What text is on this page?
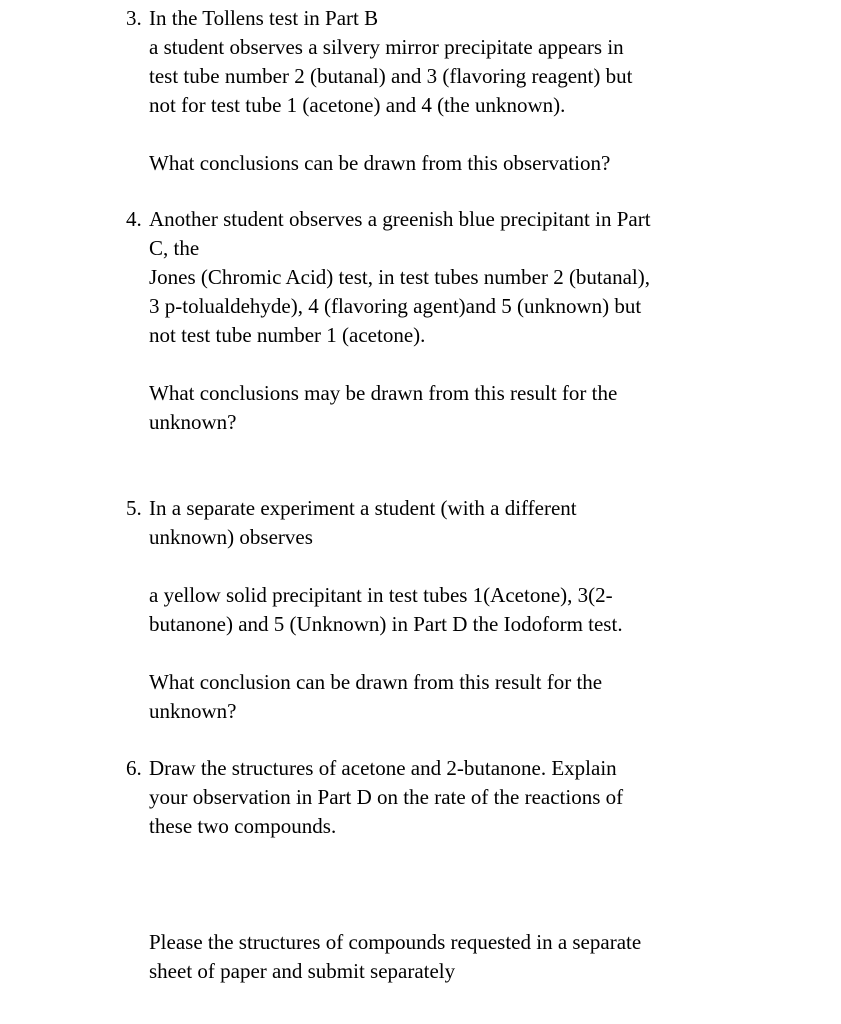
3. In the Tollens test in Part B
a student observes a silvery mirror precipitate appears in
test tube number 2 (butanal) and 3 (flavoring reagent) but
not for test tube 1 (acetone) and 4 (the unknown).
What conclusions can be drawn from this observation?
4. Another student observes a greenish blue precipitant in Part
C, the
Jones (Chromic Acid) test, in test tubes number 2 (butanal),
3 p-tolualdehyde), 4 (flavoring agent)and 5 (unknown) but
not test tube number 1 (acetone).
What conclusions may be drawn from this result for the
unknown?
5. In a separate experiment a student (with a different
unknown) observes
a yellow solid precipitant in test tubes 1(Acetone), 3(2-
butanone) and 5 (Unknown) in Part D the Iodoform test.
What conclusion can be drawn from this result for the
unknown?
6. Draw the structures of acetone and 2-butanone. Explain
your observation in Part D on the rate of the reactions of
these two compounds.
Please the structures of compounds requested in a separate
sheet of paper and submit separately
